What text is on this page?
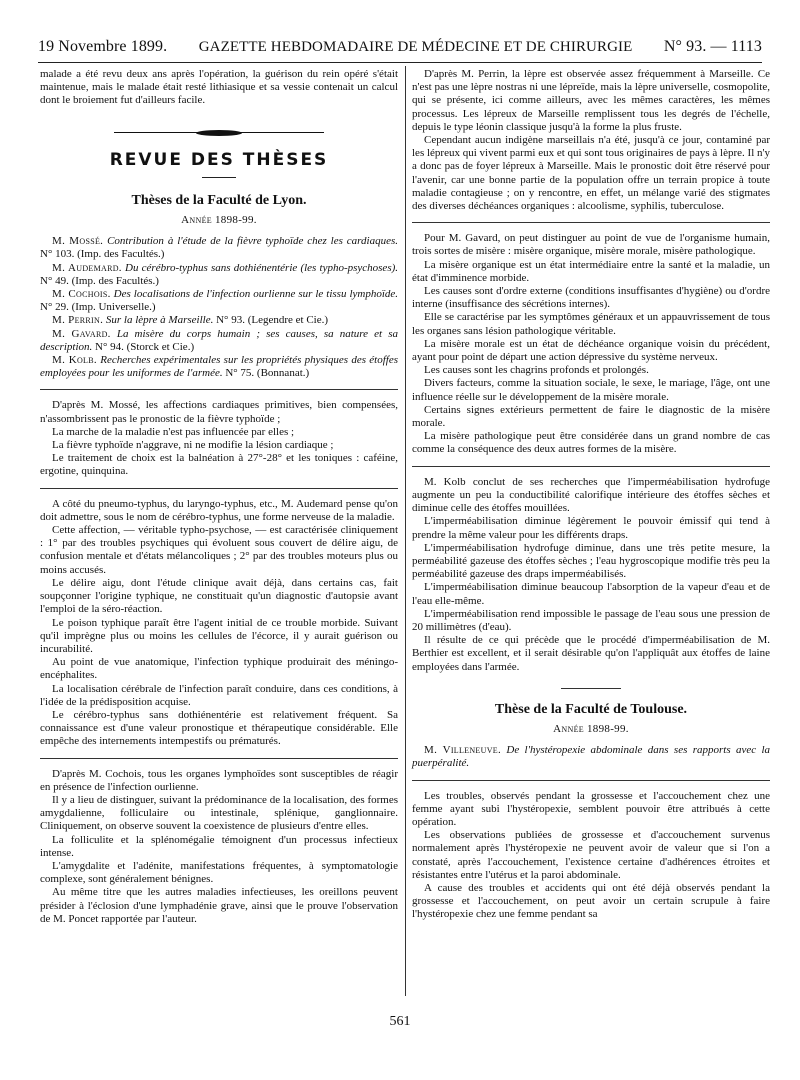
19 Novembre 1899. GAZETTE HEBDOMADAIRE DE MÉDECINE ET DE CHIRURGIE N° 93. — 1113

malade a été revu deux ans après l'opération, la guérison du rein opéré s'était maintenue, mais le malade était resté lithiasique et sa vessie contenait un calcul dont le broiement fut d'ailleurs facile.

REVUE DES THÈSES
Thèses de la Faculté de Lyon.
Année 1898-99.

M. Mossé. Contribution à l'étude de la fièvre typhoïde chez les cardiaques. N° 103. (Imp. des Facultés.)

M. Audemard. Du cérébro-typhus sans dothiénentérie (les typho-psychoses). N° 49. (Imp. des Facultés.)

M. Cochois. Des localisations de l'infection ourlienne sur le tissu lymphoïde. N° 29. (Imp. Universelle.)

M. Perrin. Sur la lèpre à Marseille. N° 93. (Legendre et Cie.)

M. Gavard. La misère du corps humain ; ses causes, sa nature et sa description. N° 94. (Storck et Cie.)

M. Kolb. Recherches expérimentales sur les propriétés physiques des étoffes employées pour les uniformes de l'armée. N° 75. (Bonnanat.)

D'après M. Mossé, les affections cardiaques primitives, bien compensées, n'assombrissent pas le pronostic de la fièvre typhoïde ;

La marche de la maladie n'est pas influencée par elles ;

La fièvre typhoïde n'aggrave, ni ne modifie la lésion cardiaque ;

Le traitement de choix est la balnéation à 27°-28° et les toniques : caféine, ergotine, quinquina.

A côté du pneumo-typhus, du laryngo-typhus, etc., M. Audemard pense qu'on doit admettre, sous le nom de cérébro-typhus, une forme nerveuse de la maladie.

Cette affection, — véritable typho-psychose, — est caractérisée cliniquement : 1° par des troubles psychiques qui évoluent sous couvert de délire aigu, de confusion mentale et d'états mélancoliques ; 2° par des troubles moteurs plus ou moins accusés.

Le délire aigu, dont l'étude clinique avait déjà, dans certains cas, fait soupçonner l'origine typhique, ne constituait qu'un diagnostic d'autopsie avant l'emploi de la séro-réaction.

Le poison typhique paraît être l'agent initial de ce trouble morbide. Suivant qu'il imprègne plus ou moins les cellules de l'écorce, il y aurait guérison ou incurabilité.

Au point de vue anatomique, l'infection typhique produirait des méningo-encéphalites.

La localisation cérébrale de l'infection paraît conduire, dans ces conditions, à l'idée de la prédisposition acquise.

Le cérébro-typhus sans dothiénentérie est relativement fréquent. Sa connaissance est d'une valeur pronostique et thérapeutique considérable. Elle empêche des internements intempestifs ou prématurés.

D'après M. Cochois, tous les organes lymphoïdes sont susceptibles de réagir en présence de l'infection ourlienne.

Il y a lieu de distinguer, suivant la prédominance de la localisation, des formes amygdalienne, folliculaire ou intestinale, splénique, ganglionnaire. Cliniquement, on observe souvent la coexistence de plusieurs d'entre elles.

La folliculite et la splénomégalie témoignent d'un processus infectieux intense.

L'amygdalite et l'adénite, manifestations fréquentes, à symptomatologie complexe, sont généralement bénignes.

Au même titre que les autres maladies infectieuses, les oreillons peuvent présider à l'éclosion d'une lymphadénie grave, ainsi que le prouve l'observation de M. Poncet rapportée par l'auteur.

D'après M. Perrin, la lèpre est observée assez fréquemment à Marseille. Ce n'est pas une lèpre nostras ni une lépreïde, mais la lèpre universelle, cosmopolite, qui se présente, ici comme ailleurs, avec les mêmes caractères, les mêmes processus. Les lépreux de Marseille remplissent tous les degrés de l'échelle, depuis le type léonin classique jusqu'à la forme la plus fruste.

Cependant aucun indigène marseillais n'a été, jusqu'à ce jour, contaminé par les lépreux qui vivent parmi eux et qui sont tous originaires de pays à lèpre. Il n'y a donc pas de foyer lépreux à Marseille. Mais le pronostic doit être réservé pour l'avenir, car une bonne partie de la population offre un terrain propice à toute maladie contagieuse ; on y rencontre, en effet, un mélange varié des stigmates des diverses déchéances organiques : alcoolisme, syphilis, tuberculose.

Pour M. Gavard, on peut distinguer au point de vue de l'organisme humain, trois sortes de misère : misère organique, misère morale, misère pathologique.

La misère organique est un état intermédiaire entre la santé et la maladie, un état d'imminence morbide.

Les causes sont d'ordre externe (conditions insuffisantes d'hygiène) ou d'ordre interne (insuffisance des sécrétions internes).

Elle se caractérise par les symptômes généraux et un appauvrissement de tous les organes sans lésion pathologique véritable.

La misère morale est un état de déchéance organique voisin du précédent, ayant pour point de départ une action dépressive du système nerveux.

Les causes sont les chagrins profonds et prolongés.

Divers facteurs, comme la situation sociale, le sexe, le mariage, l'âge, ont une influence réelle sur le développement de la misère morale.

Certains signes extérieurs permettent de faire le diagnostic de la misère morale.

La misère pathologique peut être considérée dans un grand nombre de cas comme la conséquence des deux autres formes de la misère.

M. Kolb conclut de ses recherches que l'imperméabilisation hydrofuge augmente un peu la conductibilité calorifique intérieure des étoffes sèches et diminue celle des étoffes mouillées.

L'imperméabilisation diminue légèrement le pouvoir émissif qui tend à prendre la même valeur pour les différents draps.

L'imperméabilisation hydrofuge diminue, dans une très petite mesure, la perméabilité gazeuse des étoffes sèches ; l'eau hygroscopique modifie très peu la perméabilité gazeuse des draps imperméabilisés.

L'imperméabilisation diminue beaucoup l'absorption de la vapeur d'eau et de l'eau elle-même.

L'imperméabilisation rend impossible le passage de l'eau sous une pression de 20 millimètres (d'eau).

Il résulte de ce qui précède que le procédé d'imperméabilisation de M. Berthier est excellent, et il serait désirable qu'on l'appliquât aux étoffes de laine employées dans l'armée.

Thèse de la Faculté de Toulouse.
Année 1898-99.

M. Villeneuve. De l'hystéropexie abdominale dans ses rapports avec la puerpéralité.

Les troubles, observés pendant la grossesse et l'accouchement chez une femme ayant subi l'hystéropexie, semblent pouvoir être attribués à cette opération.

Les observations publiées de grossesse et d'accouchement survenus normalement après l'hystéropexie ne peuvent avoir de valeur que si l'on a constaté, après l'accouchement, l'existence certaine d'adhérences étroites et résistantes entre l'utérus et la paroi abdominale.

A cause des troubles et accidents qui ont été déjà observés pendant la grossesse et l'accouchement, on peut avoir un certain scrupule à faire l'hystéropexie chez une femme pendant sa

561
